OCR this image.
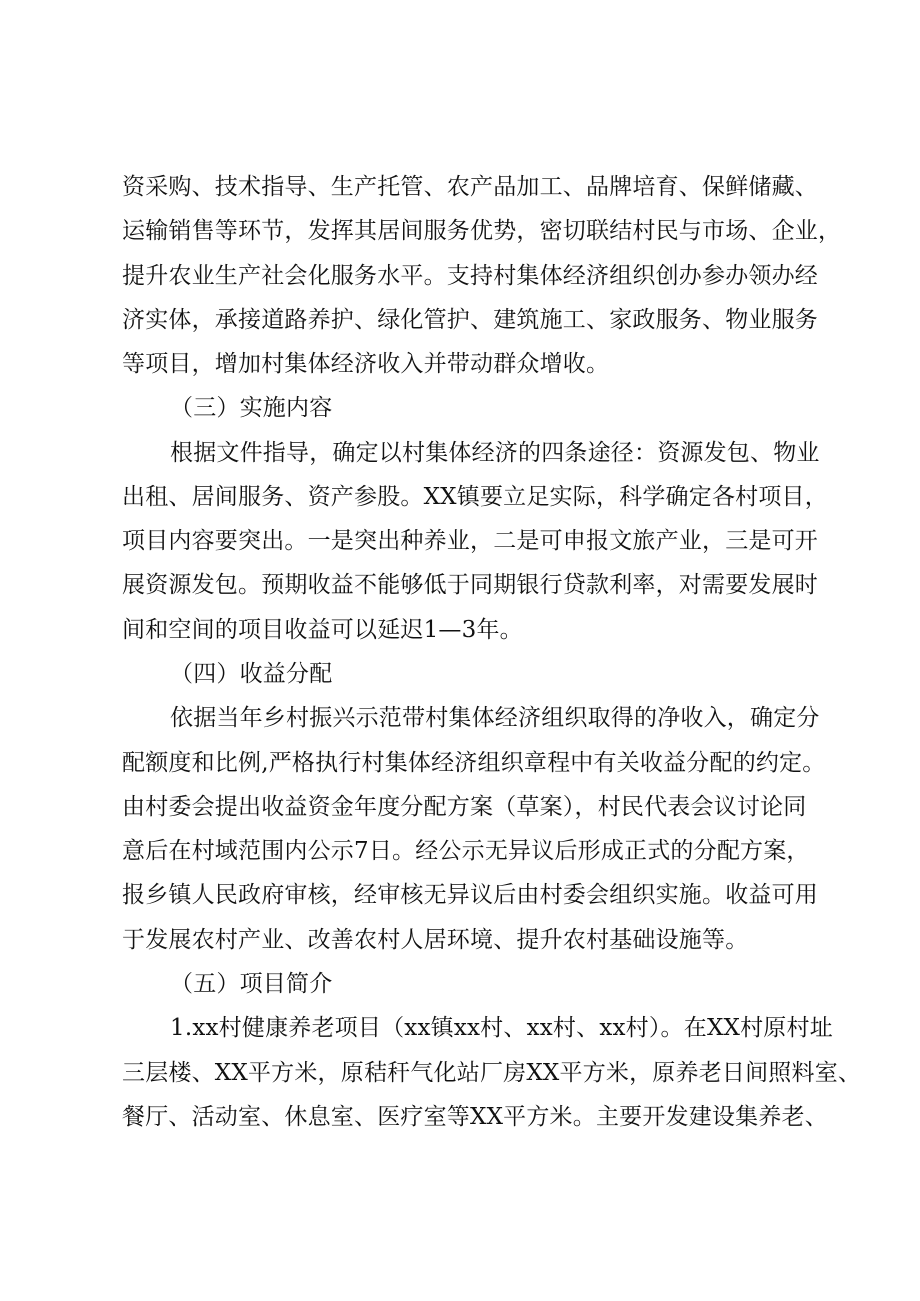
资采购、技术指导、生产托管、农产品加工、品牌培育、保鲜储藏、
运输销售等环节，发挥其居间服务优势，密切联结村民与市场、企业，
提升农业生产社会化服务水平。支持村集体经济组织创办参办领办经
济实体，承接道路养护、绿化管护、建筑施工、家政服务、物业服务
等项目，增加村集体经济收入并带动群众增收。
（三）实施内容
根据文件指导，确定以村集体经济的四条途径：资源发包、物业
出租、居间服务、资产参股。XX镇要立足实际，科学确定各村项目，
项目内容要突出。一是突出种养业，二是可申报文旅产业，三是可开
展资源发包。预期收益不能够低于同期银行贷款利率，对需要发展时
间和空间的项目收益可以延迟1—3年。
（四）收益分配
依据当年乡村振兴示范带村集体经济组织取得的净收入，确定分
配额度和比例,严格执行村集体经济组织章程中有关收益分配的约定。
由村委会提出收益资金年度分配方案（草案），村民代表会议讨论同
意后在村域范围内公示7日。经公示无异议后形成正式的分配方案，
报乡镇人民政府审核，经审核无异议后由村委会组织实施。收益可用
于发展农村产业、改善农村人居环境、提升农村基础设施等。
（五）项目简介
1.xx村健康养老项目（xx镇xx村、xx村、xx村）。在XX村原村址
三层楼、XX平方米，原秸秆气化站厂房XX平方米，原养老日间照料室、
餐厅、活动室、休息室、医疗室等XX平方米。主要开发建设集养老、
